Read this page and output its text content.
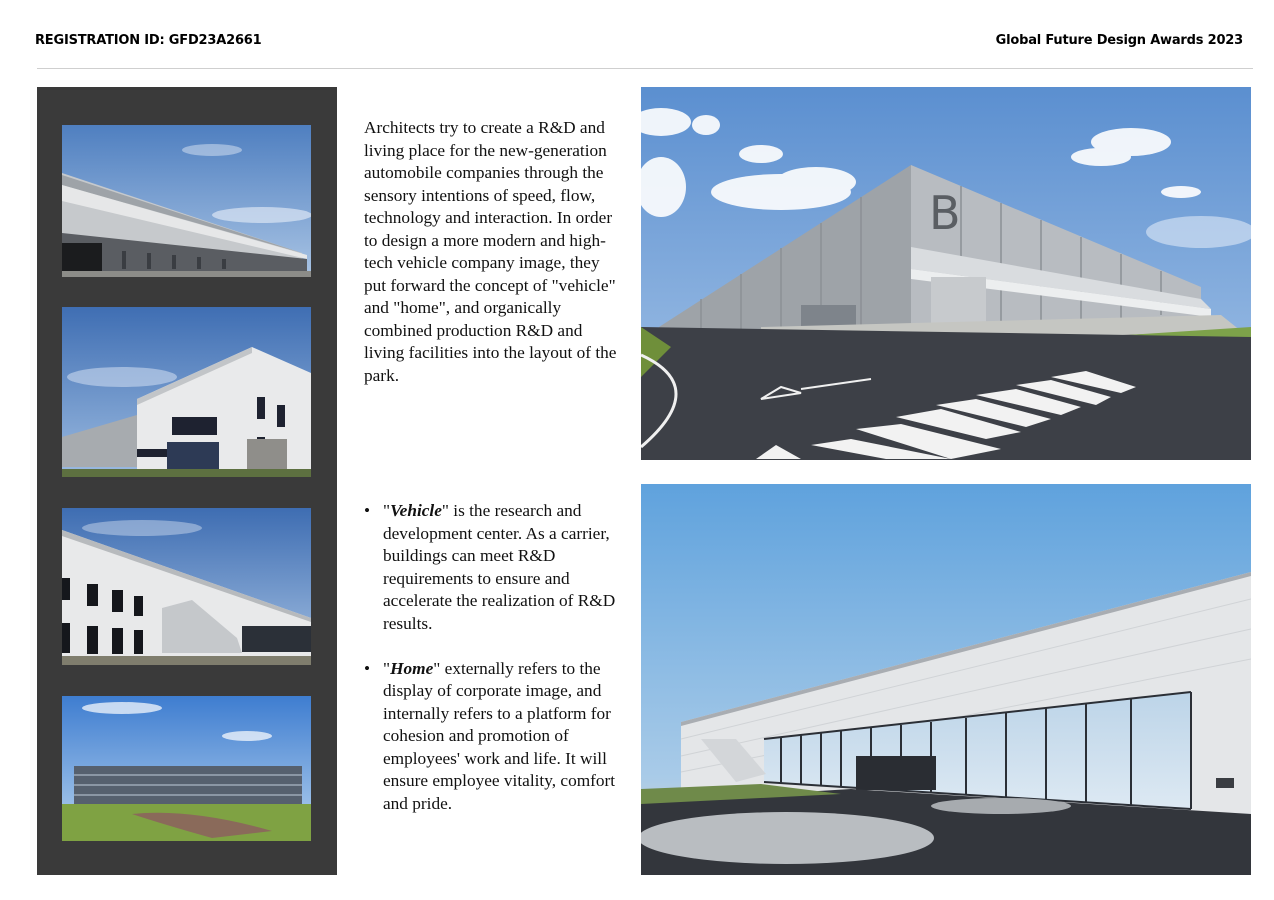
REGISTRATION ID: GFD23A2661	Global Future Design Awards 2023

Architects try to create a R&D and living place for the new-generation automobile companies through the sensory intentions of speed, flow, technology and interaction. In order to design a more modern and high-tech vehicle company image, they put forward the concept of "vehicle" and "home", and organically combined production R&D and living facilities into the layout of the park.

• "Vehicle" is the research and development center. As a carrier, buildings can meet R&D requirements to ensure and accelerate the realization of R&D results.
• "Home" externally refers to the display of corporate image, and internally refers to a platform for cohesion and promotion of employees' work and life. It will ensure employee vitality, comfort and pride.
B
